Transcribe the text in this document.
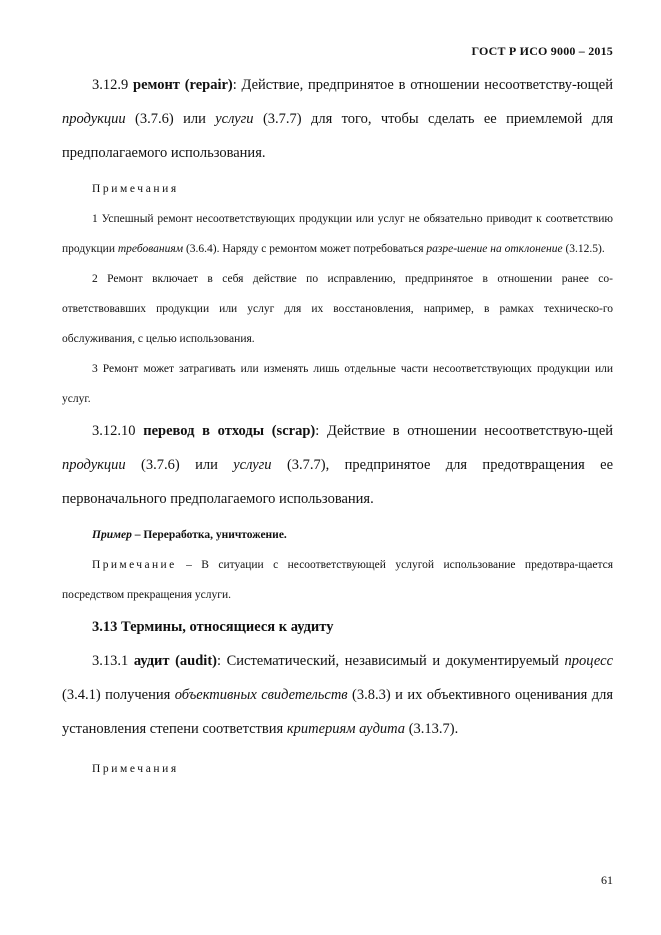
ГОСТ Р ИСО 9000 – 2015

3.12.9 ремонт (repair): Действие, предпринятое в отношении несоответству-ющей продукции (3.7.6) или услуги (3.7.7) для того, чтобы сделать ее приемлемой для предполагаемого использования.

Примечания

1 Успешный ремонт несоответствующих продукции или услуг не обязательно приводит к соответствию продукции требованиям (3.6.4). Наряду с ремонтом может потребоваться разре-шение на отклонение (3.12.5).

2 Ремонт включает в себя действие по исправлению, предпринятое в отношении ранее со-ответствовавших продукции или услуг для их восстановления, например, в рамках техническо-го обслуживания, с целью использования.

3 Ремонт может затрагивать или изменять лишь отдельные части несоответствующих продукции или услуг.

3.12.10 перевод в отходы (scrap): Действие в отношении несоответствую-щей продукции (3.7.6) или услуги (3.7.7), предпринятое для предотвращения ее первоначального предполагаемого использования.

Пример – Переработка, уничтожение.

Примечание – В ситуации с несоответствующей услугой использование предотвра-щается посредством прекращения услуги.

3.13 Термины, относящиеся к аудиту

3.13.1 аудит (audit): Систематический, независимый и документируемый процесс (3.4.1) получения объективных свидетельств (3.8.3) и их объективного оценивания для установления степени соответствия критериям аудита (3.13.7).

Примечания

61
